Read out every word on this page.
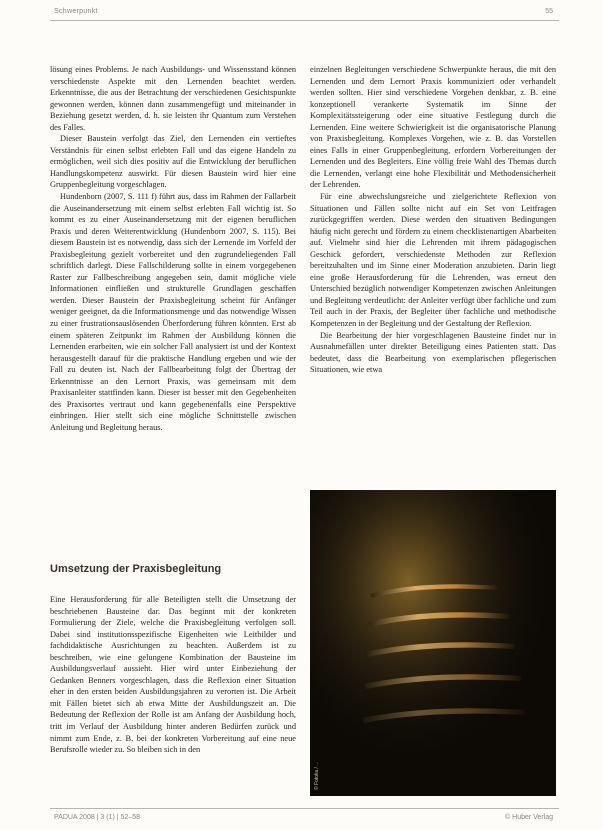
Schwerpunkt	55

lösung eines Problems. Je nach Ausbildungs- und Wissensstand können verschiedenste Aspekte mit den Lernenden beachtet werden. Erkenntnisse, die aus der Betrachtung der verschiedenen Gesichtspunkte gewonnen werden, können dann zusammengefügt und miteinander in Beziehung gesetzt werden, d. h. sie leisten ihr Quantum zum Verstehen des Falles.

Dieser Baustein verfolgt das Ziel, den Lernenden ein vertieftes Verständnis für einen selbst erlebten Fall und das eigene Handeln zu ermöglichen, weil sich dies positiv auf die Entwicklung der beruflichen Handlungskompetenz auswirkt. Für diesen Baustein wird hier eine Gruppenbegleitung vorgeschlagen.

Hundenborn (2007, S. 111 f) führt aus, dass im Rahmen der Fallarbeit die Auseinandersetzung mit einem selbst erlebten Fall wichtig ist. So kommt es zu einer Auseinandersetzung mit der eigenen beruflichen Praxis und deren Weiterentwicklung (Hundenborn 2007, S. 115). Bei diesem Baustein ist es notwendig, dass sich der Lernende im Vorfeld der Praxisbegleitung gezielt vorbereitet und den zugrundeliegenden Fall schriftlich darlegt. Diese Fallschilderung sollte in einem vorgegebenen Raster zur Fallbeschreibung angegeben sein, damit mögliche viele Informationen einfließen und strukturelle Grundlagen geschaffen werden. Dieser Baustein der Praxisbegleitung scheint für Anfänger weniger geeignet, da die Informationsmenge und das notwendige Wissen zu einer frustrationsauslösenden Überforderung führen könnten. Erst ab einem späteren Zeitpunkt im Rahmen der Ausbildung können die Lernenden erarbeiten, wie ein solcher Fall analysiert ist und der Kontext herausgestellt darauf für die praktische Handlung ergeben und wie der Fall zu deuten ist. Nach der Fallbearbeitung folgt der Übertrag der Erkenntnisse an den Lernort Praxis, was gemeinsam mit dem Praxisanleiter stattfinden kann. Dieser ist besser mit den Gegebenheiten des Praxisortes vertraut und kann gegebenenfalls eine Perspektive einbringen. Hier stellt sich eine mögliche Schnittstelle zwischen Anleitung und Begleitung heraus.

Umsetzung der Praxisbegleitung

Eine Herausforderung für alle Beteiligten stellt die Umsetzung der beschriebenen Bausteine dar. Das beginnt mit der konkreten Formulierung der Ziele, welche die Praxisbegleitung verfolgen soll. Dabei sind institutionsspezifische Eigenheiten wie Leitbilder und fachdidaktische Ausrichtungen zu beachten. Außerdem ist zu beschreiben, wie eine gelungene Kombination der Bausteine im Ausbildungsverlauf aussieht. Hier wird unter Einbeziehung der Gedanken Benners vorgeschlagen, dass die Reflexion einer Situation eher in den ersten beiden Ausbildungsjahren zu verorten ist. Die Arbeit mit Fällen bietet sich ab etwa Mitte der Ausbildungszeit an. Die Bedeutung der Reflexion der Rolle ist am Anfang der Ausbildung hoch, tritt im Verlauf der Ausbildung hinter anderen Bedürfen zurück und nimmt zum Ende, z. B. bei der konkreten Vorbereitung auf eine neue Berufsrolle wieder zu. So bleiben sich in den

einzelnen Begleitungen verschiedene Schwerpunkte heraus, die mit den Lernenden und dem Lernort Praxis kommuniziert oder verhandelt werden sollten. Hier sind verschiedene Vorgehen denkbar, z. B. eine konzeptionell verankerte Systematik im Sinne der Komplexitätssteigerung oder eine situative Festlegung durch die Lernenden. Eine weitere Schwierigkeit ist die organisatorische Planung von Praxisbegleitung. Komplexes Vorgehen, wie z. B. das Vorstellen eines Falls in einer Gruppenbegleitung, erfordern Vorbereitungen der Lernenden und des Begleiters. Eine völlig freie Wahl des Themas durch die Lernenden, verlangt eine hohe Flexibilität und Methodensicherheit der Lehrenden.

Für eine abwechslungsreiche und zielgerichtete Reflexion von Situationen und Fällen sollte nicht auf ein Set von Leitfragen zurückgegriffen werden. Diese werden den situativen Bedingungen häufig nicht gerecht und fördern zu einem checklistenartigen Abarbeiten auf. Vielmehr sind hier die Lehrenden mit ihrem pädagogischen Geschick gefordert, verschiedenste Methoden zur Reflexion bereitzuhalten und im Sinne einer Moderation anzubieten. Darin liegt eine große Herausforderung für die Lehrenden, was erneut den Unterschied bezüglich notwendiger Kompetenzen zwischen Anleitungen und Begleitung verdeutlicht: der Anleiter verfügt über fachliche und zum Teil auch in der Praxis, der Begleiter über fachliche und methodische Kompetenzen in der Begleitung und der Gestaltung der Reflexion.

Die Bearbeitung der hier vorgeschlagenen Bausteine findet nur in Ausnahmefällen unter direkter Beteiligung eines Patienten statt. Das bedeutet, dass die Bearbeitung von exemplarischen pflegerischen Situationen, wie etwa

© Fotolia / ...
PADUA 2008 | 3 (1) | 52–58	© Huber Verlag
